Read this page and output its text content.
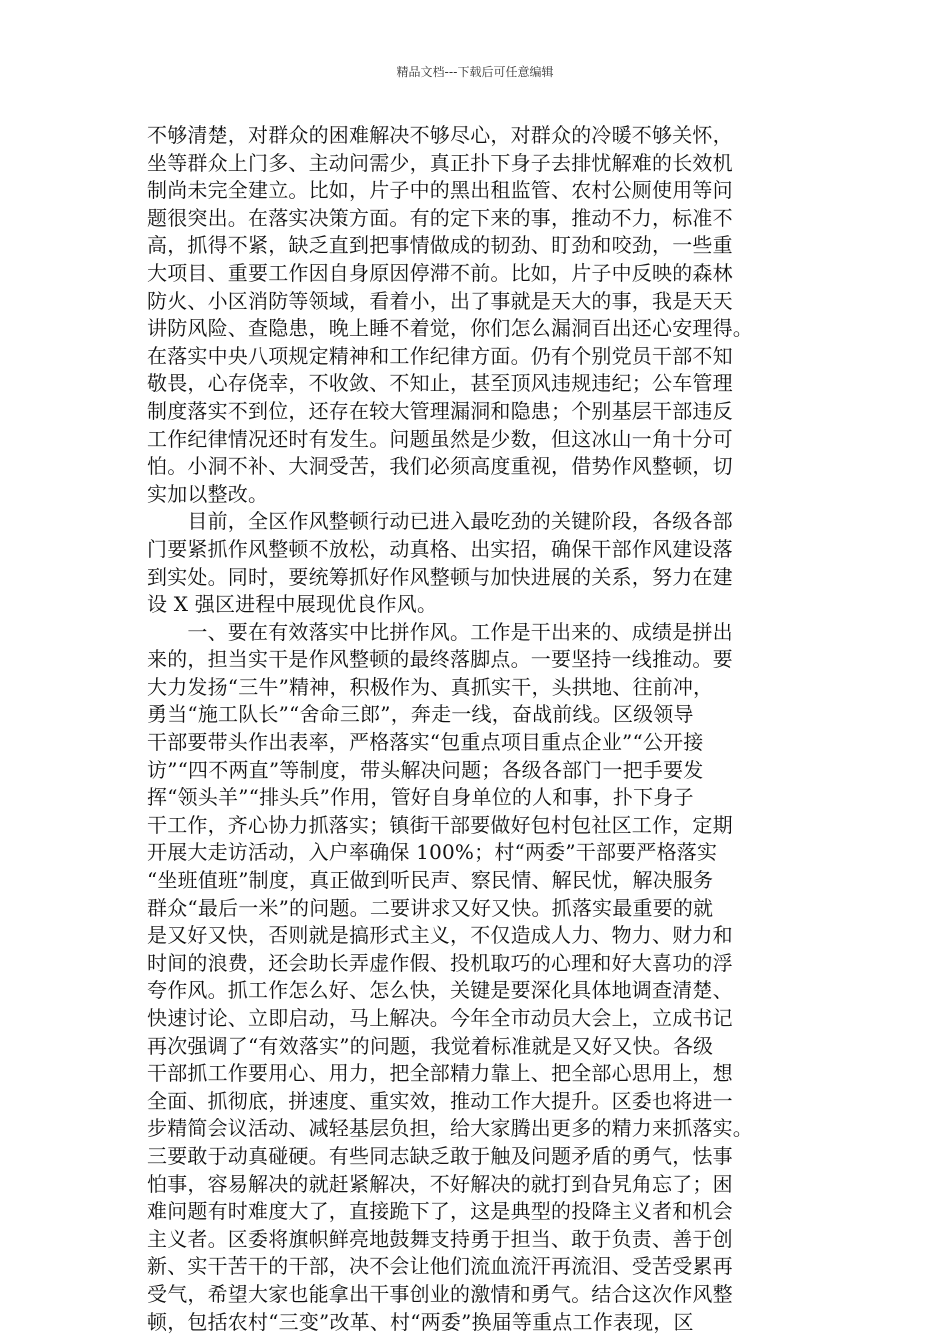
精品文档---下载后可任意编辑
不够清楚，对群众的困难解决不够尽心，对群众的冷暖不够关怀，
坐等群众上门多、主动问需少，真正扑下身子去排忧解难的长效机
制尚未完全建立。比如，片子中的黑出租监管、农村公厕使用等问
题很突出。在落实决策方面。有的定下来的事，推动不力，标准不
高，抓得不紧，缺乏直到把事情做成的韧劲、盯劲和咬劲，一些重
大项目、重要工作因自身原因停滞不前。比如，片子中反映的森林
防火、小区消防等领域，看着小，出了事就是天大的事，我是天天
讲防风险、查隐患，晚上睡不着觉，你们怎么漏洞百出还心安理得。
在落实中央八项规定精神和工作纪律方面。仍有个别党员干部不知
敬畏，心存侥幸，不收敛、不知止，甚至顶风违规违纪；公车管理
制度落实不到位，还存在较大管理漏洞和隐患；个别基层干部违反
工作纪律情况还时有发生。问题虽然是少数，但这冰山一角十分可
怕。小洞不补、大洞受苦，我们必须高度重视，借势作风整顿，切
实加以整改。
　　目前，全区作风整顿行动已进入最吃劲的关键阶段，各级各部
门要紧抓作风整顿不放松，动真格、出实招，确保干部作风建设落
到实处。同时，要统筹抓好作风整顿与加快进展的关系，努力在建
设 X 强区进程中展现优良作风。
　　一、要在有效落实中比拼作风。工作是干出来的、成绩是拼出
来的，担当实干是作风整顿的最终落脚点。一要坚持一线推动。要
大力发扬“三牛”精神，积极作为、真抓实干，头拱地、往前冲，
勇当“施工队长”“舍命三郎”，奔走一线，奋战前线。区级领导
干部要带头作出表率，严格落实“包重点项目重点企业”“公开接
访”“四不两直”等制度，带头解决问题；各级各部门一把手要发
挥“领头羊”“排头兵”作用，管好自身单位的人和事，扑下身子
干工作，齐心协力抓落实；镇街干部要做好包村包社区工作，定期
开展大走访活动，入户率确保 100%；村“两委”干部要严格落实
“坐班值班”制度，真正做到听民声、察民情、解民忧，解决服务
群众“最后一米”的问题。二要讲求又好又快。抓落实最重要的就
是又好又快，否则就是搞形式主义，不仅造成人力、物力、财力和
时间的浪费，还会助长弄虚作假、投机取巧的心理和好大喜功的浮
夸作风。抓工作怎么好、怎么快，关键是要深化具体地调查清楚、
快速讨论、立即启动，马上解决。今年全市动员大会上，立成书记
再次强调了“有效落实”的问题，我觉着标准就是又好又快。各级
干部抓工作要用心、用力，把全部精力靠上、把全部心思用上，想
全面、抓彻底，拼速度、重实效，推动工作大提升。区委也将进一
步精简会议活动、减轻基层负担，给大家腾出更多的精力来抓落实。
三要敢于动真碰硬。有些同志缺乏敢于触及问题矛盾的勇气，怯事
怕事，容易解决的就赶紧解决，不好解决的就打到旮旯角忘了；困
难问题有时难度大了，直接跪下了，这是典型的投降主义者和机会
主义者。区委将旗帜鲜亮地鼓舞支持勇于担当、敢于负责、善于创
新、实干苦干的干部，决不会让他们流血流汗再流泪、受苦受累再
受气，希望大家也能拿出干事创业的激情和勇气。结合这次作风整
顿，包括农村“三变”改革、村“两委”换届等重点工作表现，区
